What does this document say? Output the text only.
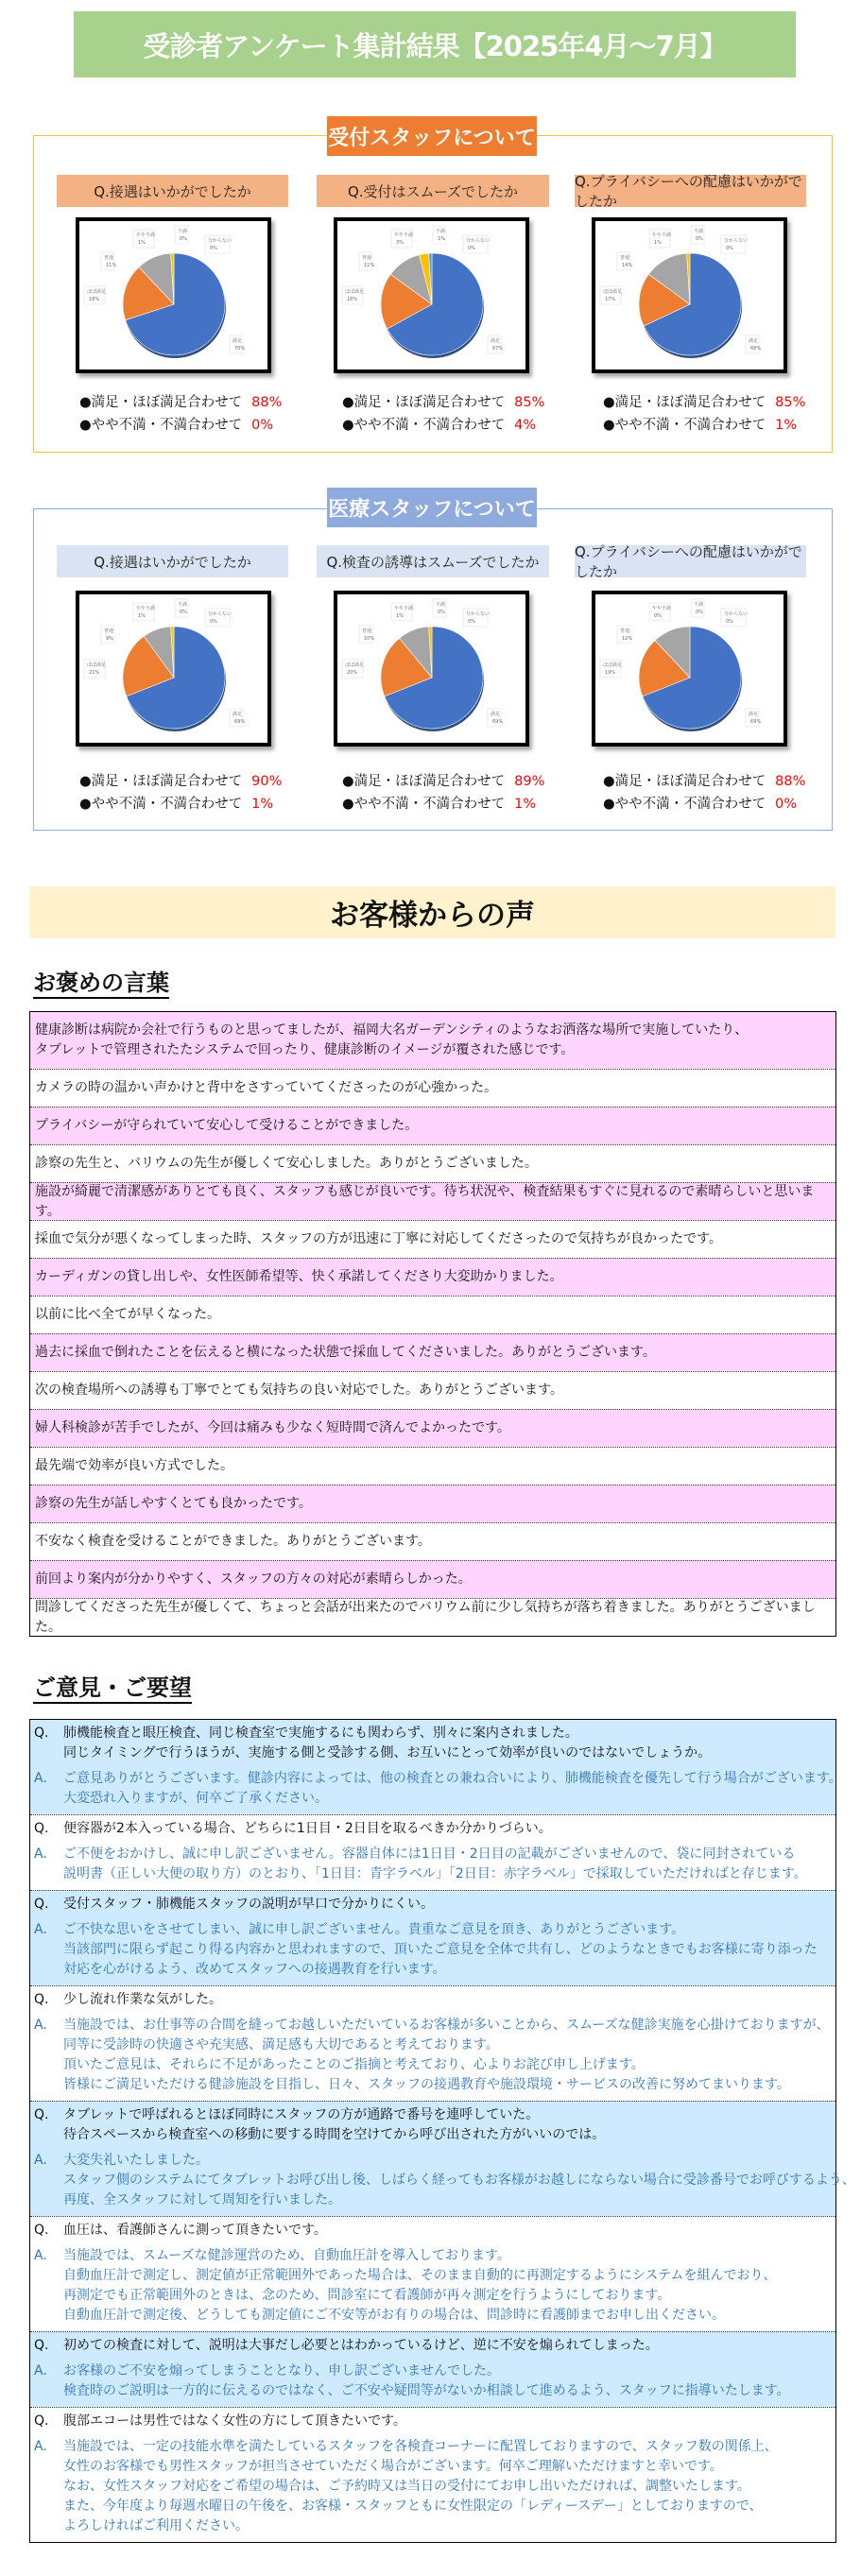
受診者アンケート集計結果【2025年4月～7月】
受付スタッフについて
Q.接遇はいかがでしたか
満足
70%
ほぼ満足
18%
普通
11%
やや不満
1%
不満
0%	分からない
0%
●満足・ほぼ満足合わせて 88%
●やや不満・不満合わせて 0%
Q.受付はスムーズでしたか
満足
67%
ほぼ満足
18%
普通
11%
やや不満
3%
不満
1%	分からない
0%
●満足・ほぼ満足合わせて 85%
●やや不満・不満合わせて 4%
Q.プライバシーへの配慮はいかがでしたか
満足
68%
ほぼ満足
17%
普通
14%
やや不満
1%
不満
0%	分からない
0%
●満足・ほぼ満足合わせて 85%
●やや不満・不満合わせて 1%
医療スタッフについて
Q.接遇はいかがでしたか
満足
69%
ほぼ満足
21%
普通
9%
やや不満
1%
不満
0%	分からない
0%
●満足・ほぼ満足合わせて 90%
●やや不満・不満合わせて 1%
Q.検査の誘導はスムーズでしたか
満足
69%
ほぼ満足
20%
普通
10%
やや不満
1%
不満
0%	分からない
0%
●満足・ほぼ満足合わせて 89%
●やや不満・不満合わせて 1%
Q.プライバシーへの配慮はいかがでしたか
満足
69%
ほぼ満足
19%
普通
12%
やや不満
0%
不満
0%	分からない
0%
●満足・ほぼ満足合わせて 88%
●やや不満・不満合わせて 0%
お客様からの声
お褒めの言葉
健康診断は病院か会社で行うものと思ってましたが、福岡大名ガーデンシティのようなお洒落な場所で実施していたり、
タブレットで管理されたたシステムで回ったり、健康診断のイメージが覆された感じです。
カメラの時の温かい声かけと背中をさすっていてくださったのが心強かった。
プライバシーが守られていて安心して受けることができました。
診察の先生と、バリウムの先生が優しくて安心しました。ありがとうございました。
施設が綺麗で清潔感がありとても良く、スタッフも感じが良いです。待ち状況や、検査結果もすぐに見れるので素晴らしいと思います。
採血で気分が悪くなってしまった時、スタッフの方が迅速に丁寧に対応してくださったので気持ちが良かったです。
カーディガンの貸し出しや、女性医師希望等、快く承諾してくださり大変助かりました。
以前に比べ全てが早くなった。
過去に採血で倒れたことを伝えると横になった状態で採血してくださいました。ありがとうございます。
次の検査場所への誘導も丁寧でとても気持ちの良い対応でした。ありがとうございます。
婦人科検診が苦手でしたが、今回は痛みも少なく短時間で済んでよかったです。
最先端で効率が良い方式でした。
診察の先生が話しやすくとても良かったです。
不安なく検査を受けることができました。ありがとうございます。
前回より案内が分かりやすく、スタッフの方々の対応が素晴らしかった。
問診してくださった先生が優しくて、ちょっと会話が出来たのでバリウム前に少し気持ちが落ち着きました。ありがとうございました。
ご意見・ご要望
Q.	肺機能検査と眼圧検査、同じ検査室で実施するにも関わらず、別々に案内されました。
同じタイミングで行うほうが、実施する側と受診する側、お互いにとって効率が良いのではないでしょうか。
A.	ご意見ありがとうございます。健診内容によっては、他の検査との兼ね合いにより、肺機能検査を優先して行う場合がございます。
大変恐れ入りますが、何卒ご了承ください。
Q.	便容器が2本入っている場合、どちらに1日目・2日目を取るべきか分かりづらい。
A.	ご不便をおかけし、誠に申し訳ございません。容器自体には1日目・2日目の記載がございませんので、袋に同封されている
説明書（正しい大便の取り方）のとおり、「1日目：青字ラベル」「2日目：赤字ラベル」で採取していただければと存じます。
Q.	受付スタッフ・肺機能スタッフの説明が早口で分かりにくい。
A.	ご不快な思いをさせてしまい、誠に申し訳ございません。貴重なご意見を頂き、ありがとうございます。
当該部門に限らず起こり得る内容かと思われますので、頂いたご意見を全体で共有し、どのようなときでもお客様に寄り添った
対応を心がけるよう、改めてスタッフへの接遇教育を行います。
Q.	少し流れ作業な気がした。
A.	当施設では、お仕事等の合間を縫ってお越しいただいているお客様が多いことから、スムーズな健診実施を心掛けておりますが、
同等に受診時の快適さや充実感、満足感も大切であると考えております。
頂いたご意見は、それらに不足があったことのご指摘と考えており、心よりお詫び申し上げます。
皆様にご満足いただける健診施設を目指し、日々、スタッフの接遇教育や施設環境・サービスの改善に努めてまいります。
Q.	タブレットで呼ばれるとほぼ同時にスタッフの方が通路で番号を連呼していた。
待合スペースから検査室への移動に要する時間を空けてから呼び出された方がいいのでは。
A.	大変失礼いたしました。
スタッフ側のシステムにてタブレットお呼び出し後、しばらく経ってもお客様がお越しにならない場合に受診番号でお呼びするよう、
再度、全スタッフに対して周知を行いました。
Q.	血圧は、看護師さんに測って頂きたいです。
A.	当施設では、スムーズな健診運営のため、自動血圧計を導入しております。
自動血圧計で測定し、測定値が正常範囲外であった場合は、そのまま自動的に再測定するようにシステムを組んでおり、
再測定でも正常範囲外のときは、念のため、問診室にて看護師が再々測定を行うようにしております。
自動血圧計で測定後、どうしても測定値にご不安等がお有りの場合は、問診時に看護師までお申し出ください。
Q.	初めての検査に対して、説明は大事だし必要とはわかっているけど、逆に不安を煽られてしまった。
A.	お客様のご不安を煽ってしまうこととなり、申し訳ございませんでした。
検査時のご説明は一方的に伝えるのではなく、ご不安や疑問等がないか相談して進めるよう、スタッフに指導いたします。
Q.	腹部エコーは男性ではなく女性の方にして頂きたいです。
A.	当施設では、一定の技能水準を満たしているスタッフを各検査コーナーに配置しておりますので、スタッフ数の関係上、
女性のお客様でも男性スタッフが担当させていただく場合がございます。何卒ご理解いただけますと幸いです。
なお、女性スタッフ対応をご希望の場合は、ご予約時又は当日の受付にてお申し出いただければ、調整いたします。
また、今年度より毎週水曜日の午後を、お客様・スタッフともに女性限定の「レディースデー」としておりますので、
よろしければご利用ください。
